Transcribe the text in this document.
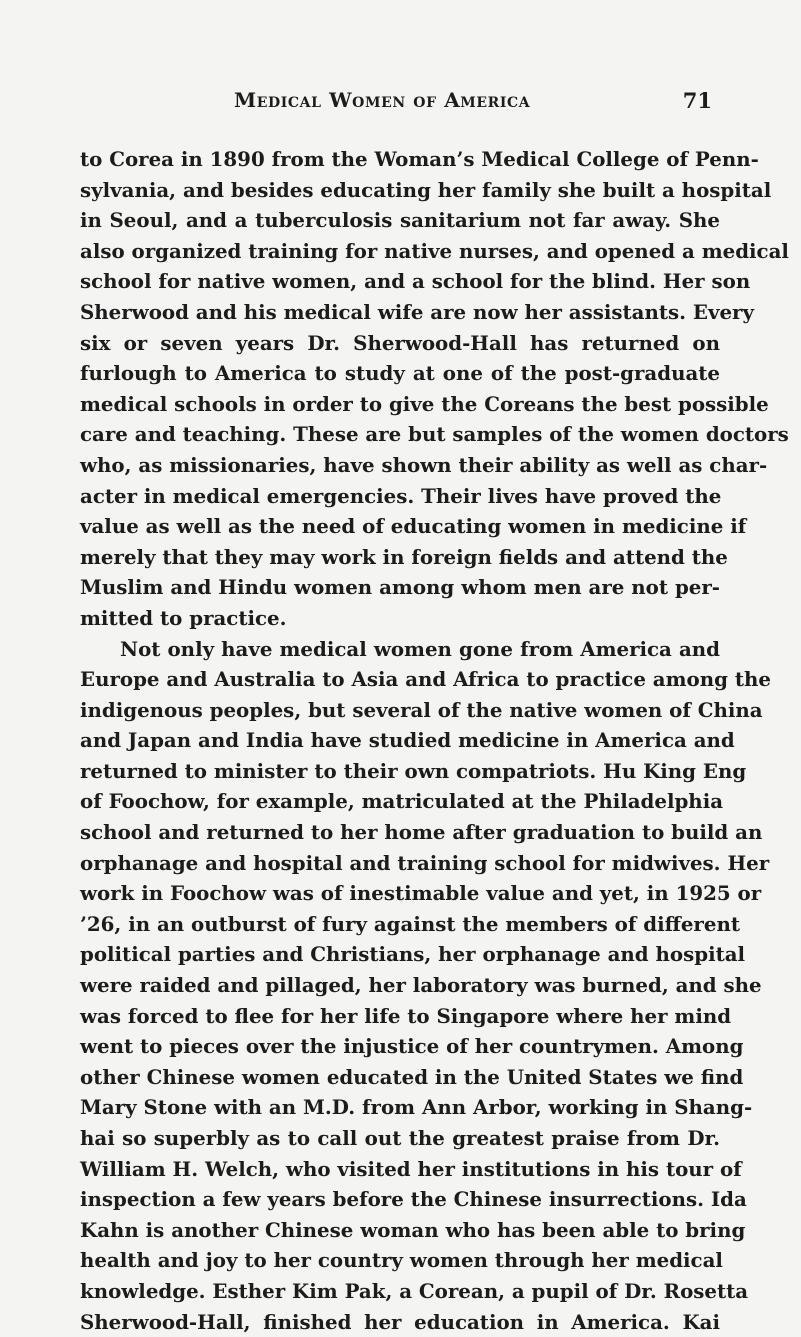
Medical Women of America	71
to Corea in 1890 from the Woman’s Medical College of Penn-
sylvania, and besides educating her family she built a hospital
in Seoul, and a tuberculosis sanitarium not far away. She
also organized training for native nurses, and opened a medical
school for native women, and a school for the blind. Her son
Sherwood and his medical wife are now her assistants. Every
six or seven years Dr. Sherwood-Hall has returned on
furlough to America to study at one of the post-graduate
medical schools in order to give the Coreans the best possible
care and teaching. These are but samples of the women doctors
who, as missionaries, have shown their ability as well as char-
acter in medical emergencies. Their lives have proved the
value as well as the need of educating women in medicine if
merely that they may work in foreign fields and attend the
Muslim and Hindu women among whom men are not per-
mitted to practice.
Not only have medical women gone from America and
Europe and Australia to Asia and Africa to practice among the
indigenous peoples, but several of the native women of China
and Japan and India have studied medicine in America and
returned to minister to their own compatriots. Hu King Eng
of Foochow, for example, matriculated at the Philadelphia
school and returned to her home after graduation to build an
orphanage and hospital and training school for midwives. Her
work in Foochow was of inestimable value and yet, in 1925 or
’26, in an outburst of fury against the members of different
political parties and Christians, her orphanage and hospital
were raided and pillaged, her laboratory was burned, and she
was forced to flee for her life to Singapore where her mind
went to pieces over the injustice of her countrymen. Among
other Chinese women educated in the United States we find
Mary Stone with an M.D. from Ann Arbor, working in Shang-
hai so superbly as to call out the greatest praise from Dr.
William H. Welch, who visited her institutions in his tour of
inspection a few years before the Chinese insurrections. Ida
Kahn is another Chinese woman who has been able to bring
health and joy to her country women through her medical
knowledge. Esther Kim Pak, a Corean, a pupil of Dr. Rosetta
Sherwood-Hall, finished her education in America. Kai
